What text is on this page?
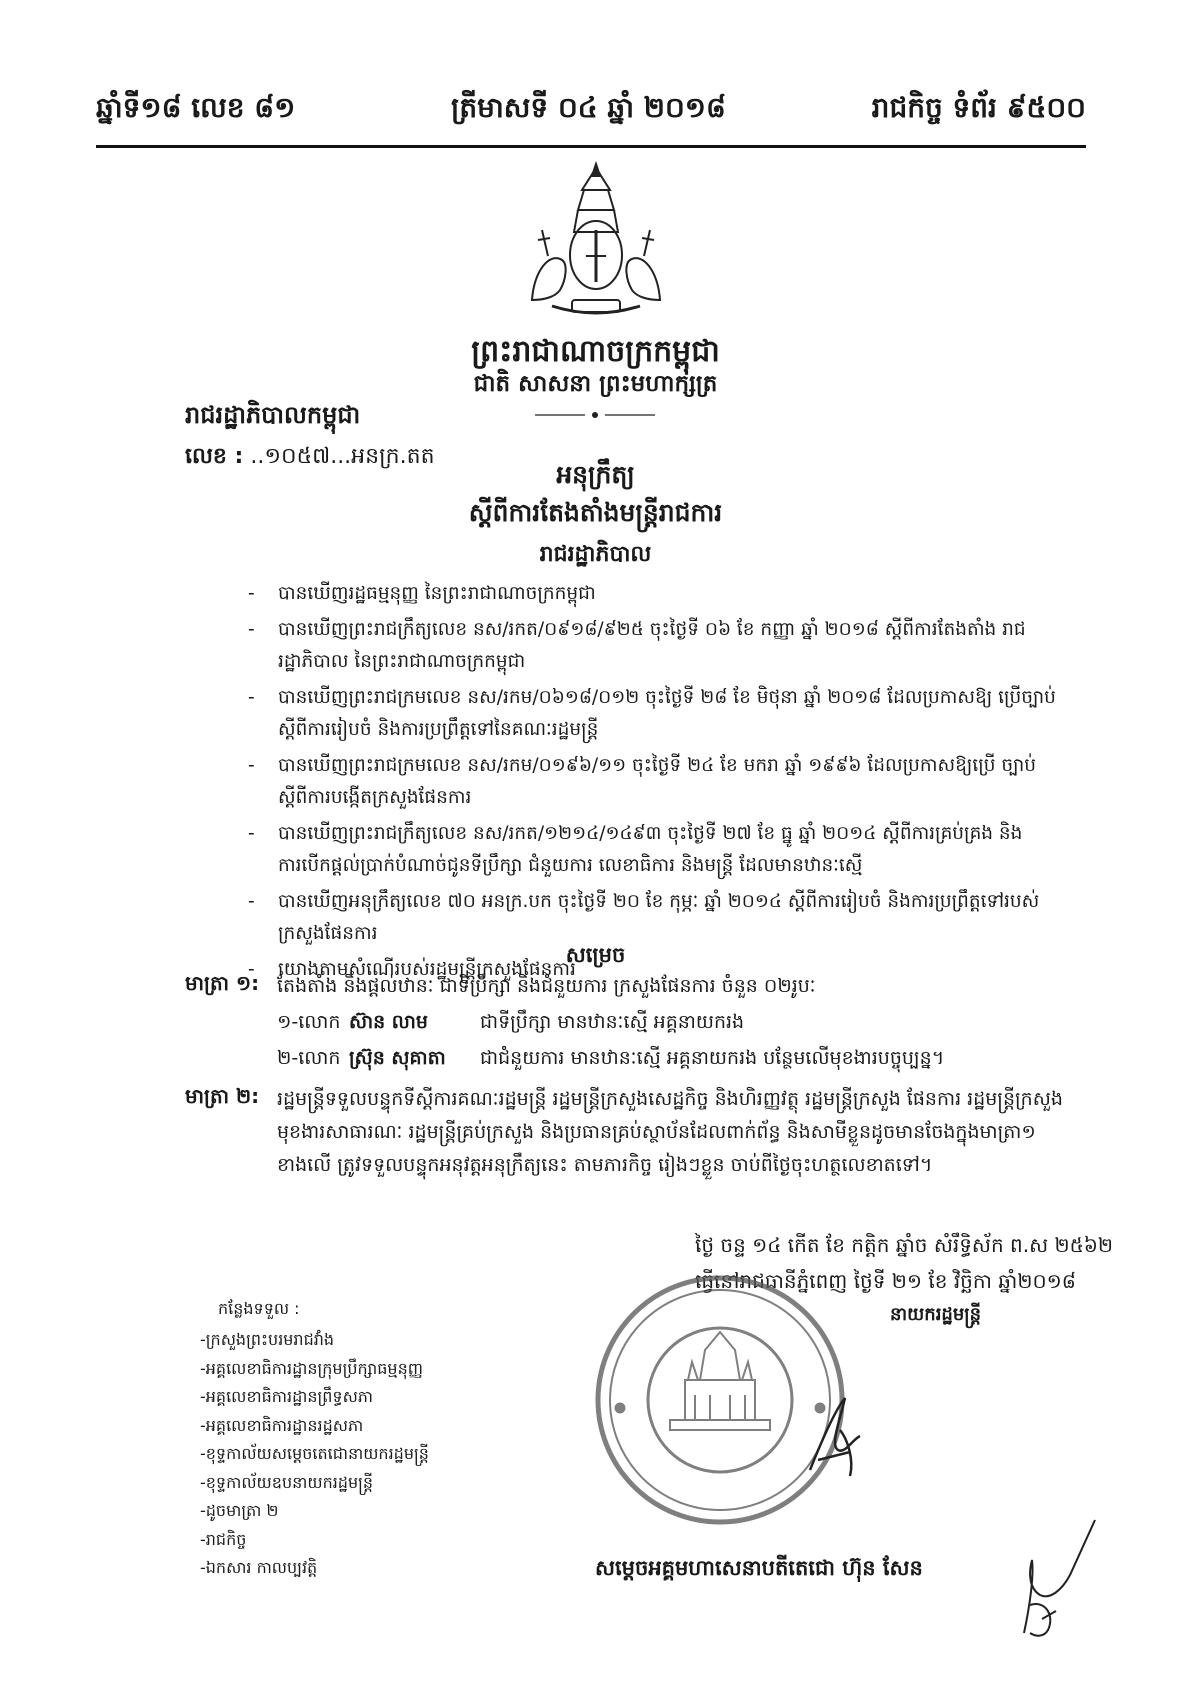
ឆ្នាំទី១៨ លេខ ៨១	ត្រីមាសទី ០៤ ឆ្នាំ ២០១៨	រាជកិច្ច ទំព័រ ៩៥០០
ព្រះរាជាណាចក្រកម្ពុជា
ជាតិ សាសនា ព្រះមហាក្សត្រ
រាជរដ្ឋាភិបាលកម្ពុជា
លេខ : ..១០៥៧...អនក្រ.តត
អនុក្រឹត្យ
ស្តីពីការតែងតាំងមន្ត្រីរាជការ
រាជរដ្ឋាភិបាល
- បានឃើញរដ្ឋធម្មនុញ្ញ នៃព្រះរាជាណាចក្រកម្ពុជា
- បានឃើញព្រះរាជក្រឹត្យលេខ នស/រកត/០៩១៨/៩២៥ ចុះថ្ងៃទី ០៦ ខែ កញ្ញា ឆ្នាំ ២០១៨ ស្តីពីការតែងតាំង រាជរដ្ឋាភិបាល នៃព្រះរាជាណាចក្រកម្ពុជា
- បានឃើញព្រះរាជក្រមលេខ នស/រកម/០៦១៨/០១២ ចុះថ្ងៃទី ២៨ ខែ មិថុនា ឆ្នាំ ២០១៨ ដែលប្រកាសឱ្យ ប្រើច្បាប់ ស្តីពីការរៀបចំ និងការប្រព្រឹត្តទៅនៃគណៈរដ្ឋមន្ត្រី
- បានឃើញព្រះរាជក្រមលេខ នស/រកម/០១៩៦/១១ ចុះថ្ងៃទី ២៤ ខែ មករា ឆ្នាំ ១៩៩៦ ដែលប្រកាសឱ្យប្រើ ច្បាប់ ស្តីពីការបង្កើតក្រសួងផែនការ
- បានឃើញព្រះរាជក្រឹត្យលេខ នស/រកត/១២១៤/១៤៩៣ ចុះថ្ងៃទី ២៧ ខែ ធ្នូ ឆ្នាំ ២០១៤ ស្តីពីការគ្រប់គ្រង និងការបើកផ្តល់ប្រាក់បំណាច់ជូនទីប្រឹក្សា ជំនួយការ លេខាធិការ និងមន្ត្រី ដែលមានឋានៈស្មើ
- បានឃើញអនុក្រឹត្យលេខ ៧០ អនក្រ.បក ចុះថ្ងៃទី ២០ ខែ កុម្ភៈ ឆ្នាំ ២០១៤ ស្តីពីការរៀបចំ និងការប្រព្រឹត្តទៅរបស់ ក្រសួងផែនការ
- យោងតាមសំណើរបស់រដ្ឋមន្ត្រីក្រសួងផែនការ
សម្រេច
មាត្រា ១: តែងតាំង និងផ្តល់ឋានៈ ជាទីប្រឹក្សា និងជំនួយការ ក្រសួងផែនការ ចំនួន ០២រូបៈ
១-លោក ស៊ាន លាម	ជាទីប្រឹក្សា មានឋានៈស្មើ អគ្គនាយករង
២-លោក ស្រ៊ុន សុគាតា ជាជំនួយការ មានឋានៈស្មើ អគ្គនាយករង បន្ថែមលើមុខងារបច្ចុប្បន្ន។
មាត្រា ២: រដ្ឋមន្ត្រីទទួលបន្ទុកទីស្តីការគណៈរដ្ឋមន្ត្រី រដ្ឋមន្ត្រីក្រសួងសេដ្ឋកិច្ច និងហិរញ្ញវត្ថុ រដ្ឋមន្ត្រីក្រសួង ផែនការ រដ្ឋមន្ត្រីក្រសួងមុខងារសាធារណៈ រដ្ឋមន្ត្រីគ្រប់ក្រសួង និងប្រធានគ្រប់ស្ថាប័នដែលពាក់ព័ន្ធ និងសាមីខ្លួនដូចមានចែងក្នុងមាត្រា១ ខាងលើ ត្រូវទទួលបន្ទុកអនុវត្តអនុក្រឹត្យនេះ តាមភារកិច្ច រៀងៗខ្លួន ចាប់ពីថ្ងៃចុះហត្ថលេខាតទៅ។
ថ្ងៃ ចន្ទ ១៤ កើត ខែ កត្តិក ឆ្នាំច សំរឹទ្ធិស័ក ព.ស ២៥៦២
ធ្វើនៅរាជធានីភ្នំពេញ ថ្ងៃទី ២១ ខែ វិច្ឆិកា ឆ្នាំ២០១៨
នាយករដ្ឋមន្ត្រី
សម្តេចអគ្គមហាសេនាបតីតេជោ ហ៊ុន សែន
កន្លែងទទួល :
-ក្រសួងព្រះបរមរាជវាំង
-អគ្គលេខាធិការដ្ឋានក្រុមប្រឹក្សាធម្មនុញ្ញ
-អគ្គលេខាធិការដ្ឋានព្រឹទ្ធសភា
-អគ្គលេខាធិការដ្ឋានរដ្ឋសភា
-ខុទ្ទកាល័យសម្តេចតេជោនាយករដ្ឋមន្ត្រី
-ខុទ្ទកាល័យឧបនាយករដ្ឋមន្ត្រី
-ដូចមាត្រា ២
-រាជកិច្ច
-ឯកសារ កាលប្បវត្តិ
